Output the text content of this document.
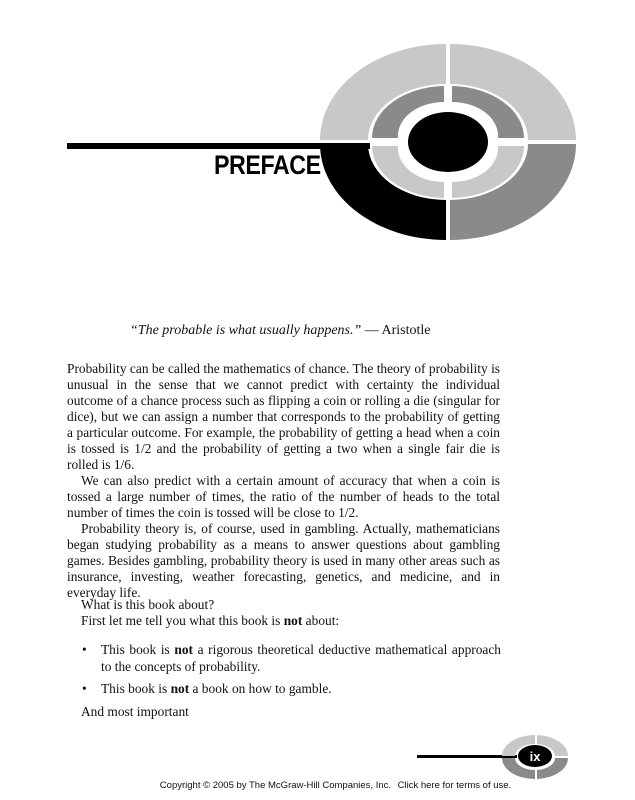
PREFACE
“The probable is what usually happens.” — Aristotle

Probability can be called the mathematics of chance. The theory of probability is unusual in the sense that we cannot predict with certainty the individual outcome of a chance process such as flipping a coin or rolling a die (singular for dice), but we can assign a number that corresponds to the probability of getting a particular outcome. For example, the probability of getting a head when a coin is tossed is 1/2 and the probability of getting a two when a single fair die is rolled is 1/6.

We can also predict with a certain amount of accuracy that when a coin is tossed a large number of times, the ratio of the number of heads to the total number of times the coin is tossed will be close to 1/2.

Probability theory is, of course, used in gambling. Actually, mathematicians began studying probability as a means to answer questions about gambling games. Besides gambling, probability theory is used in many other areas such as insurance, investing, weather forecasting, genetics, and medicine, and in everyday life.

What is this book about?

First let me tell you what this book is not about:

• This book is not a rigorous theoretical deductive mathematical approach to the concepts of probability.
• This book is not a book on how to gamble.

And most important

ix
Copyright © 2005 by The McGraw-Hill Companies, Inc. Click here for terms of use.
